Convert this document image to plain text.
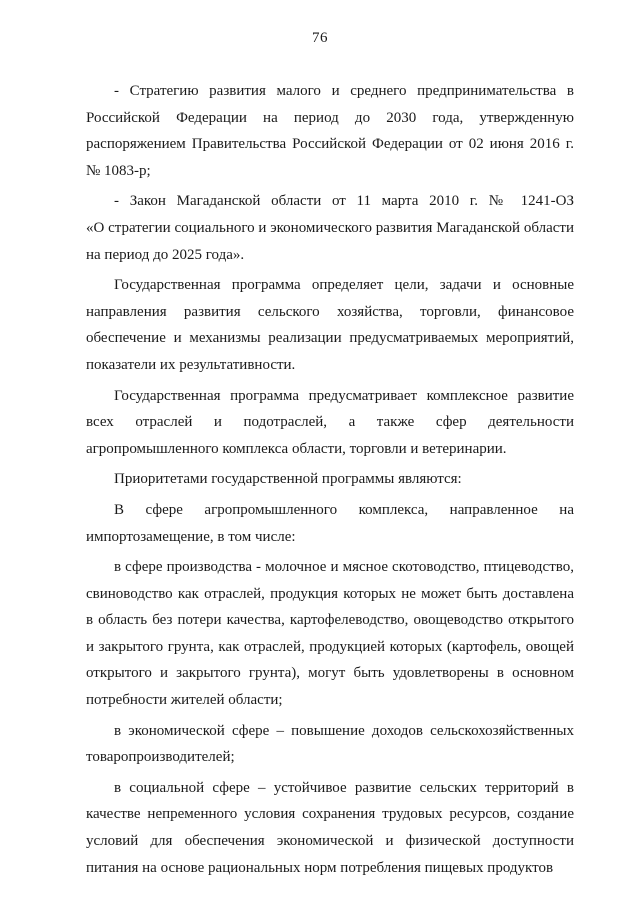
76

- Стратегию развития малого и среднего предпринимательства в
Российской Федерации на период до 2030 года, утвержденную
распоряжением Правительства Российской Федерации от 02 июня 2016 г.
№ 1083-р;

- Закон Магаданской области от 11 марта 2010 г. № 1241-ОЗ
«О стратегии социального и экономического развития Магаданской области
на период до 2025 года».

Государственная программа определяет цели, задачи и основные
направления развития сельского хозяйства, торговли, финансовое
обеспечение и механизмы реализации предусматриваемых мероприятий,
показатели их результативности.

Государственная программа предусматривает комплексное развитие
всех отраслей и подотраслей, а также сфер деятельности
агропромышленного комплекса области, торговли и ветеринарии.

Приоритетами государственной программы являются:

В сфере агропромышленного комплекса, направленное на
импортозамещение, в том числе:

в сфере производства - молочное и мясное скотоводство, птицеводство,
свиноводство как отраслей, продукция которых не может быть доставлена
в область без потери качества, картофелеводство, овощеводство открытого
и закрытого грунта, как отраслей, продукцией которых (картофель, овощей
открытого и закрытого грунта), могут быть удовлетворены в основном
потребности жителей области;

в экономической сфере – повышение доходов сельскохозяйственных
товаропроизводителей;

в социальной сфере – устойчивое развитие сельских территорий в
качестве непременного условия сохранения трудовых ресурсов, создание
условий для обеспечения экономической и физической доступности
питания на основе рациональных норм потребления пищевых продуктов
